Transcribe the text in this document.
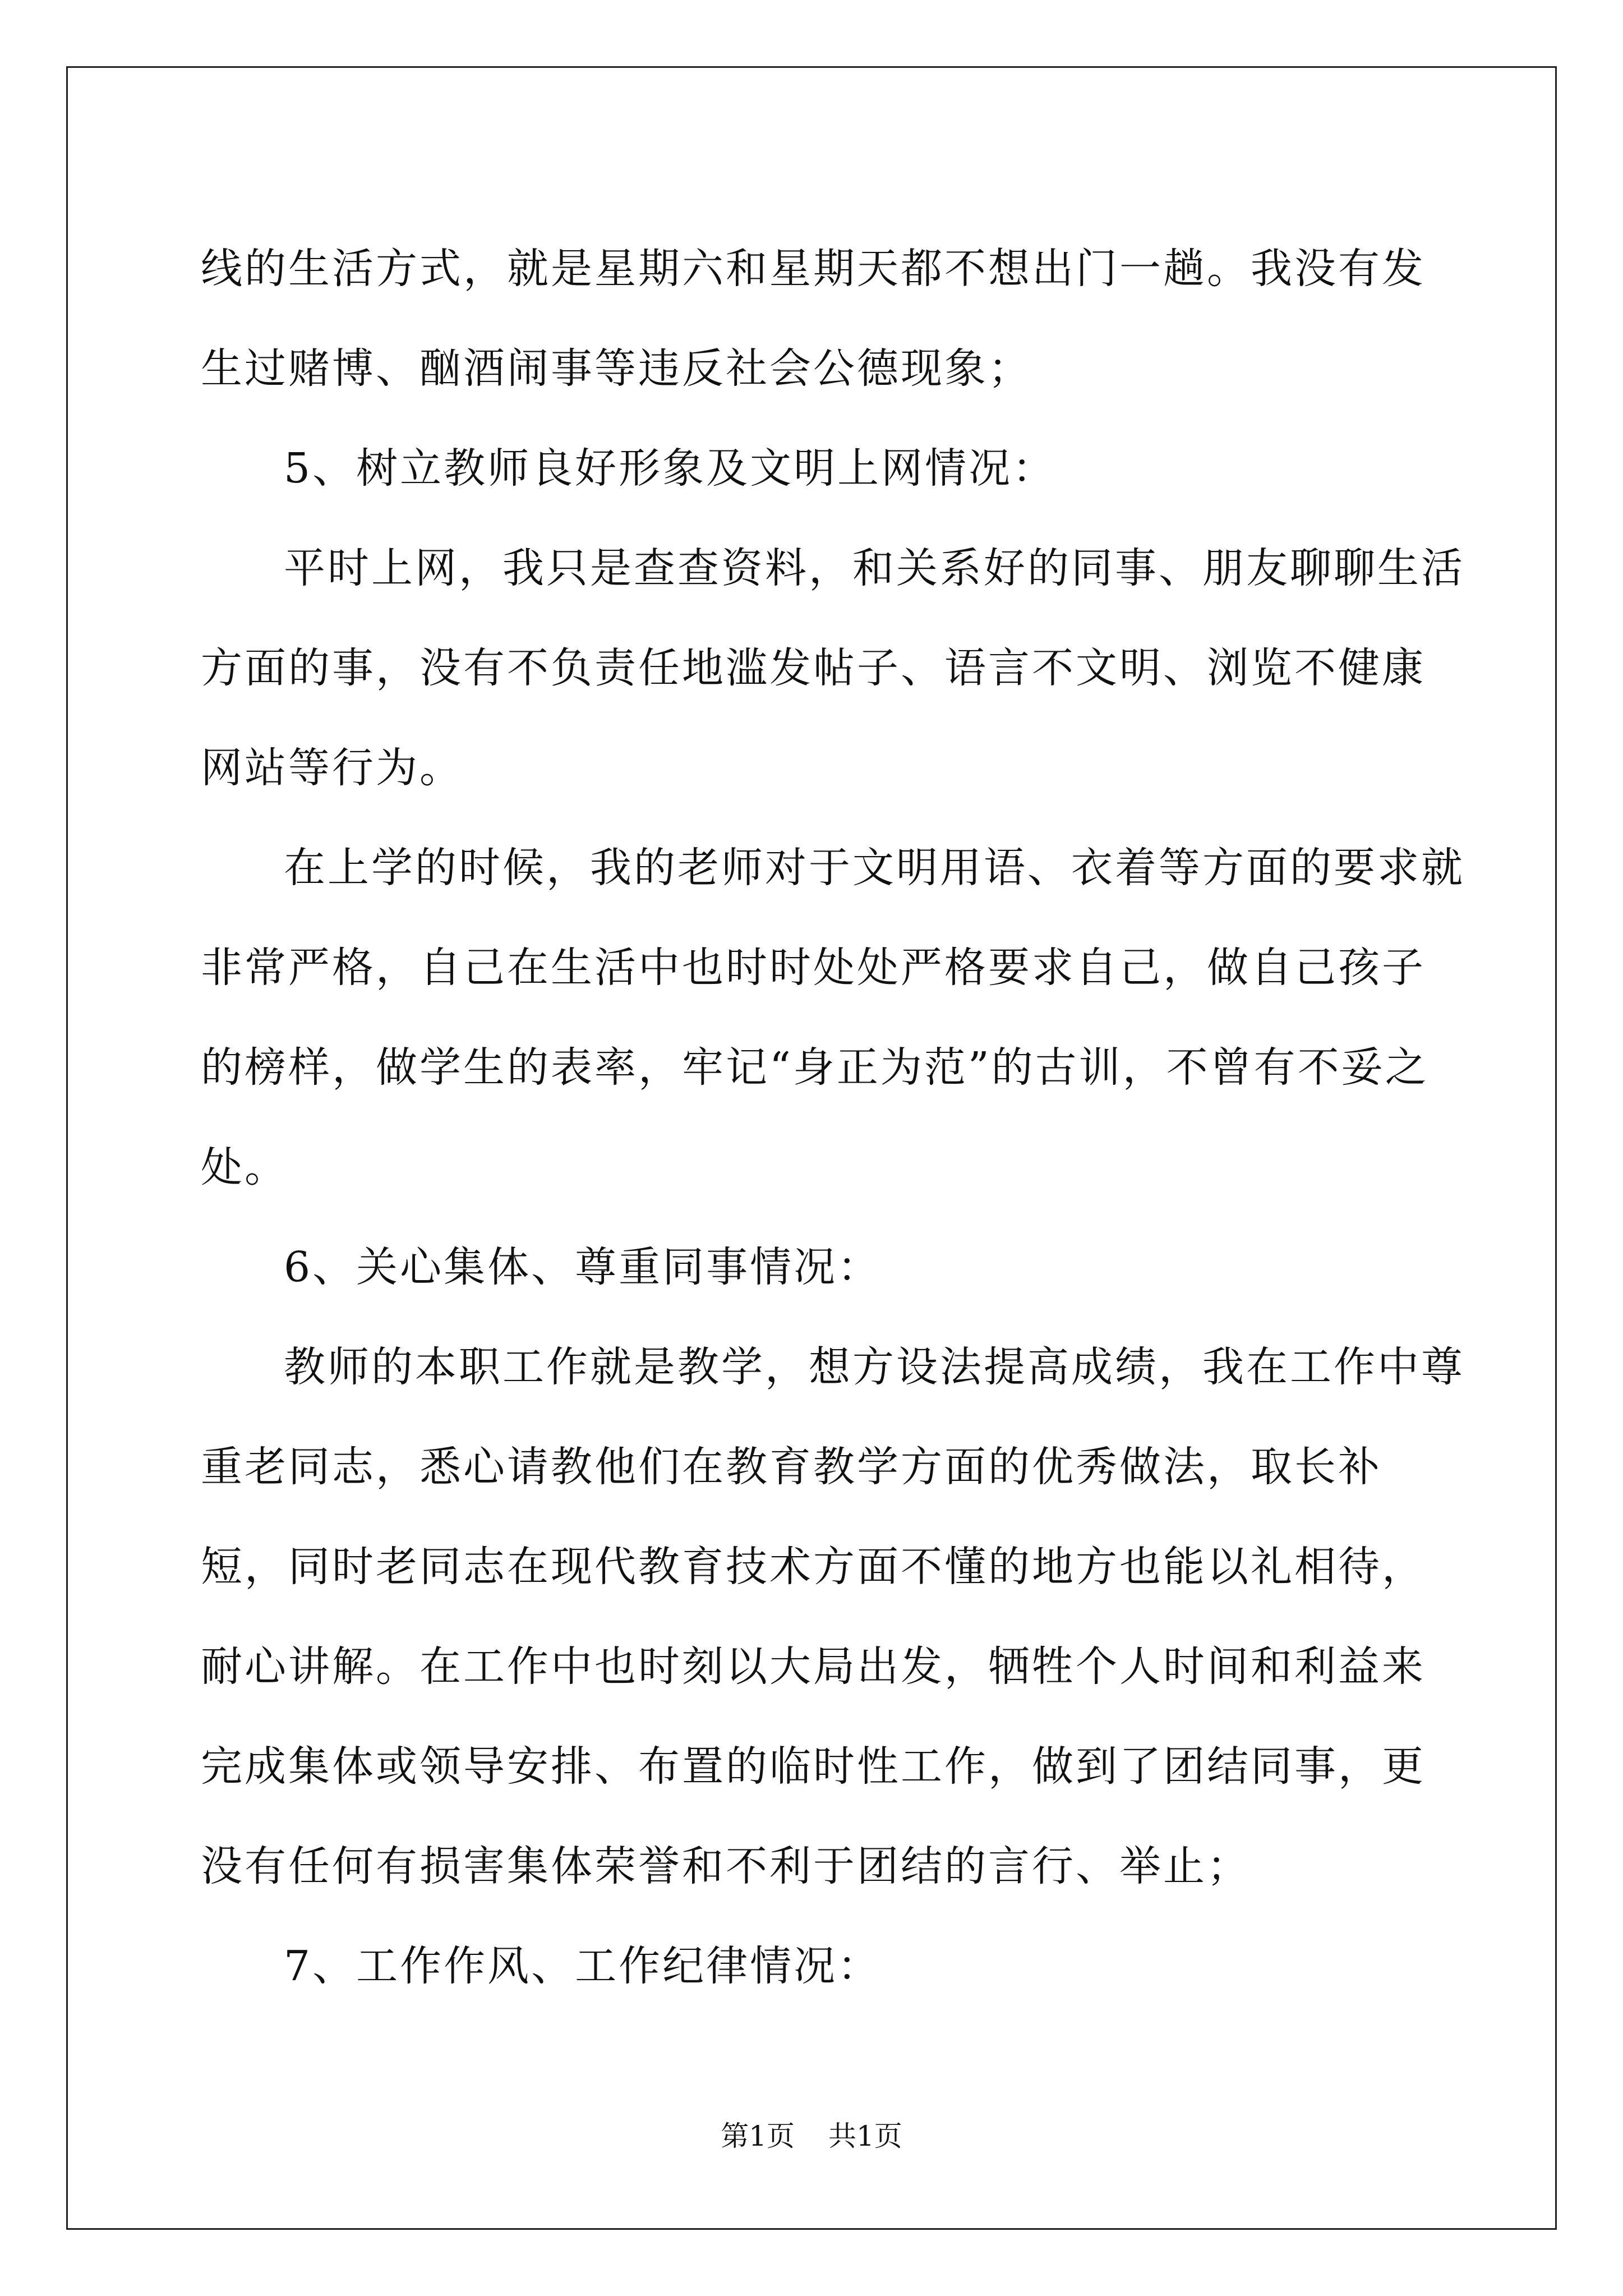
线的生活方式，就是星期六和星期天都不想出门一趟。我没有发生过赌博、酗酒闹事等违反社会公德现象；

5、树立教师良好形象及文明上网情况：

平时上网，我只是查查资料，和关系好的同事、朋友聊聊生活方面的事，没有不负责任地滥发帖子、语言不文明、浏览不健康网站等行为。

在上学的时候，我的老师对于文明用语、衣着等方面的要求就非常严格，自己在生活中也时时处处严格要求自己，做自己孩子的榜样，做学生的表率，牢记“身正为范”的古训，不曾有不妥之处。

6、关心集体、尊重同事情况：

教师的本职工作就是教学，想方设法提高成绩，我在工作中尊重老同志，悉心请教他们在教育教学方面的优秀做法，取长补短，同时老同志在现代教育技术方面不懂的地方也能以礼相待，耐心讲解。在工作中也时刻以大局出发，牺牲个人时间和利益来完成集体或领导安排、布置的临时性工作，做到了团结同事，更没有任何有损害集体荣誉和不利于团结的言行、举止；

7、工作作风、工作纪律情况：

第1页 共1页
